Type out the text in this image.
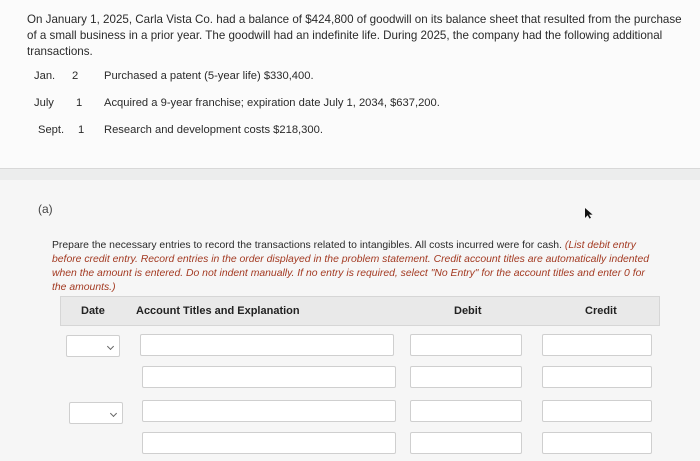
On January 1, 2025, Carla Vista Co. had a balance of $424,800 of goodwill on its balance sheet that resulted from the purchase of a small business in a prior year. The goodwill had an indefinite life. During 2025, the company had the following additional transactions.
Jan. 2 Purchased a patent (5-year life) $330,400.
July 1 Acquired a 9-year franchise; expiration date July 1, 2034, $637,200.
Sept. 1 Research and development costs $218,300.
(a)
Prepare the necessary entries to record the transactions related to intangibles. All costs incurred were for cash. (List debit entry before credit entry. Record entries in the order displayed in the problem statement. Credit account titles are automatically indented when the amount is entered. Do not indent manually. If no entry is required, select "No Entry" for the account titles and enter 0 for the amounts.)
Date	Account Titles and Explanation	Debit	Credit
